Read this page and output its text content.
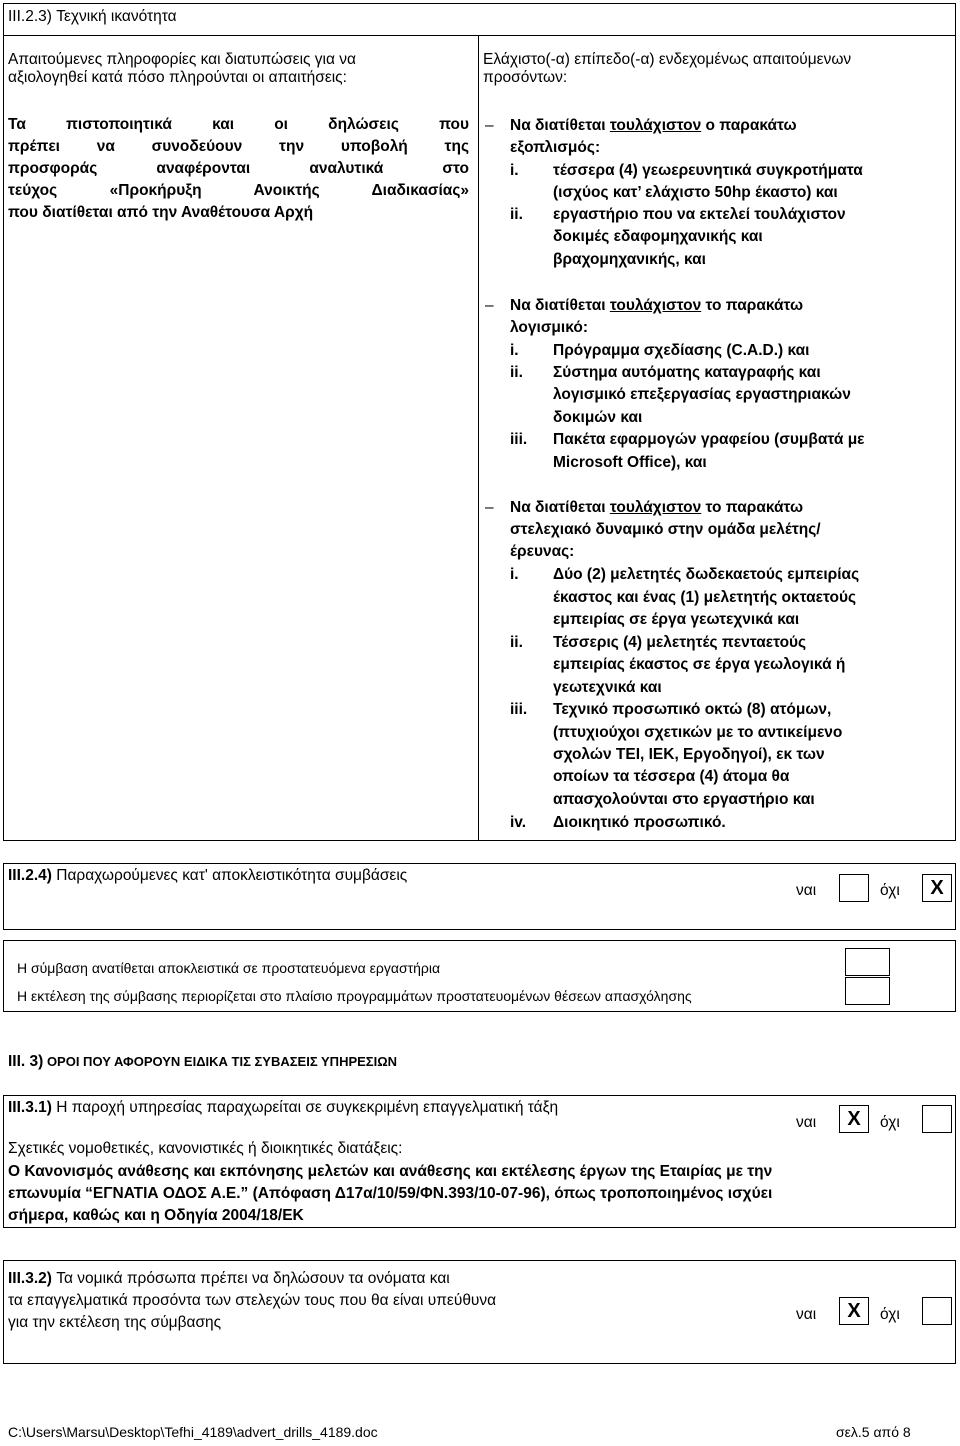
III.2.3) Τεχνική ικανότητα
Απαιτούμενες πληροφορίες και διατυπώσεις για να
αξιολογηθεί κατά πόσο πληρούνται οι απαιτήσεις:
Τα πιστοποιητικά και οι δηλώσεις που
πρέπει να συνοδεύουν την υποβολή της
προσφοράς αναφέρονται αναλυτικά στο
τεύχος «Προκήρυξη Ανοικτής Διαδικασίας»
που διατίθεται από την Αναθέτουσα Αρχή
Ελάχιστο(-α) επίπεδο(-α) ενδεχομένως απαιτούμενων
προσόντων:
– Να διατίθεται τουλάχιστον ο παρακάτω
εξοπλισμός:
i. τέσσερα (4) γεωερευνητικά συγκροτήματα
(ισχύος κατ’ ελάχιστο 50hp έκαστο) και
ii. εργαστήριο που να εκτελεί τουλάχιστον
δοκιμές εδαφομηχανικής και
βραχομηχανικής, και
– Να διατίθεται τουλάχιστον το παρακάτω
λογισμικό:
i. Πρόγραμμα σχεδίασης (C.A.D.) και
ii. Σύστημα αυτόματης καταγραφής και
λογισμικό επεξεργασίας εργαστηριακών
δοκιμών και
iii. Πακέτα εφαρμογών γραφείου (συμβατά με
Microsoft Office), και
– Να διατίθεται τουλάχιστον το παρακάτω
στελεχιακό δυναμικό στην ομάδα μελέτης/
έρευνας:
i. Δύο (2) μελετητές δωδεκαετούς εμπειρίας
έκαστος και ένας (1) μελετητής οκταετούς
εμπειρίας σε έργα γεωτεχνικά και
ii. Τέσσερις (4) μελετητές πενταετούς
εμπειρίας έκαστος σε έργα γεωλογικά ή
γεωτεχνικά και
iii. Τεχνικό προσωπικό οκτώ (8) ατόμων,
(πτυχιούχοι σχετικών με το αντικείμενο
σχολών ΤΕΙ, ΙΕΚ, Εργοδηγοί), εκ των
οποίων τα τέσσερα (4) άτομα θα
απασχολούνται στο εργαστήριο και
iv. Διοικητικό προσωπικό.
III.2.4) Παραχωρούμενες κατ' αποκλειστικότητα συμβάσεις
ναι	όχι	X
Η σύμβαση ανατίθεται αποκλειστικά σε προστατευόμενα εργαστήρια
Η εκτέλεση της σύμβασης περιορίζεται στο πλαίσιο προγραμμάτων προστατευομένων θέσεων απασχόλησης
III. 3) ΟΡΟΙ ΠΟΥ ΑΦΟΡΟΥΝ ΕΙΔΙΚΑ ΤΙΣ ΣΥΒΑΣΕΙΣ ΥΠΗΡΕΣΙΩΝ
III.3.1) Η παροχή υπηρεσίας παραχωρείται σε συγκεκριμένη επαγγελματική τάξη
ναι	X	όχι
Σχετικές νομοθετικές, κανονιστικές ή διοικητικές διατάξεις:
Ο Κανονισμός ανάθεσης και εκπόνησης μελετών και ανάθεσης και εκτέλεσης έργων της Εταιρίας με την
επωνυμία “ΕΓΝΑΤΙΑ ΟΔΟΣ Α.Ε.” (Απόφαση Δ17α/10/59/ΦΝ.393/10-07-96), όπως τροποποιημένος ισχύει
σήμερα, καθώς και η Οδηγία 2004/18/ΕΚ
III.3.2) Τα νομικά πρόσωπα πρέπει να δηλώσουν τα ονόματα και
τα επαγγελματικά προσόντα των στελεχών τους που θα είναι υπεύθυνα
για την εκτέλεση της σύμβασης	ναι	X	όχι
C:\Users\Marsu\Desktop\Tefhi_4189\advert_drills_4189.doc	σελ.5 από 8
